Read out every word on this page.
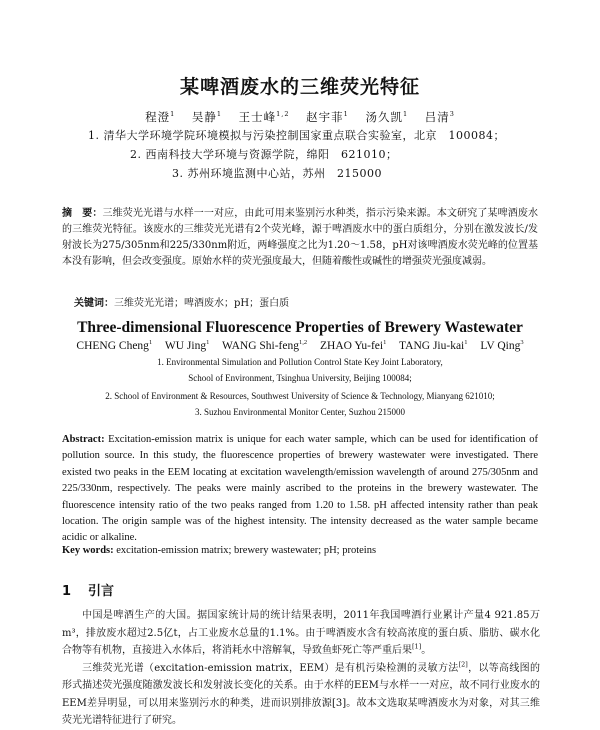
某啤酒废水的三维荧光特征
程澄$^1$ 吴静$^1$ 王士峰$^{1,2}$ 赵宇菲$^1$ 汤久凯$^1$ 吕清$^3$
1. 清华大学环境学院环境模拟与污染控制国家重点联合实验室，北京　100084；
2. 西南科技大学环境与资源学院，绵阳　621010；
3. 苏州环境监测中心站，苏州　215000
摘　要：三维荧光光谱与水样一一对应，由此可用来鉴别污水种类，指示污染来源。本文研究了某啤酒废水的三维荧光特征。该废水的三维荧光光谱有2个荧光峰，源于啤酒废水中的蛋白质组分，分别在激发波长/发射波长为275/305nm和225/330nm附近，两峰强度之比为1.20～1.58，pH对该啤酒废水荧光峰的位置基本没有影响，但会改变强度。原始水样的荧光强度最大，但随着酸性或碱性的增强荧光强度减弱。
关键词：三维荧光光谱；啤酒废水；pH；蛋白质
Three-dimensional Fluorescence Properties of Brewery Wastewater
CHENG Cheng$^1$ WU Jing$^1$ WANG Shi-feng$^{1,2}$ ZHAO Yu-fei$^1$ TANG Jiu-kai$^1$ LV Qing$^3$
1. Environmental Simulation and Pollution Control State Key Joint Laboratory,
School of Environment, Tsinghua University, Beijing 100084;
2. School of Environment & Resources, Southwest University of Science & Technology, Mianyang 621010;
3. Suzhou Environmental Monitor Center, Suzhou 215000
Abstract: Excitation-emission matrix is unique for each water sample, which can be used for identification of pollution source. In this study, the fluorescence properties of brewery wastewater were investigated. There existed two peaks in the EEM locating at excitation wavelength/emission wavelength of around 275/305nm and 225/330nm, respectively. The peaks were mainly ascribed to the proteins in the brewery wastewater. The fluorescence intensity ratio of the two peaks ranged from 1.20 to 1.58. pH affected intensity rather than peak location. The origin sample was of the highest intensity. The intensity decreased as the water sample became acidic or alkaline.
Key words: excitation-emission matrix; brewery wastewater; pH; proteins
1 引言

中国是啤酒生产的大国。据国家统计局的统计结果表明，2011年我国啤酒行业累计产量4 921.85万m³，排放废水超过2.5亿t，占工业废水总量的1.1%。由于啤酒废水含有较高浓度的蛋白质、脂肪、碳水化合物等有机物，直接进入水体后，将消耗水中溶解氧，导致鱼虾死亡等严重后果[1]。

三维荧光光谱（excitation-emission matrix，EEM）是有机污染检测的灵敏方法[2]，以等高线图的形式描述荧光强度随激发波长和发射波长变化的关系。由于水样的EEM与水样一一对应，故不同行业废水的EEM差异明显，可以用来鉴别污水的种类，进而识别排放源[3]。故本文选取某啤酒废水为对象，对其三维荧光光谱特征进行了研究。
